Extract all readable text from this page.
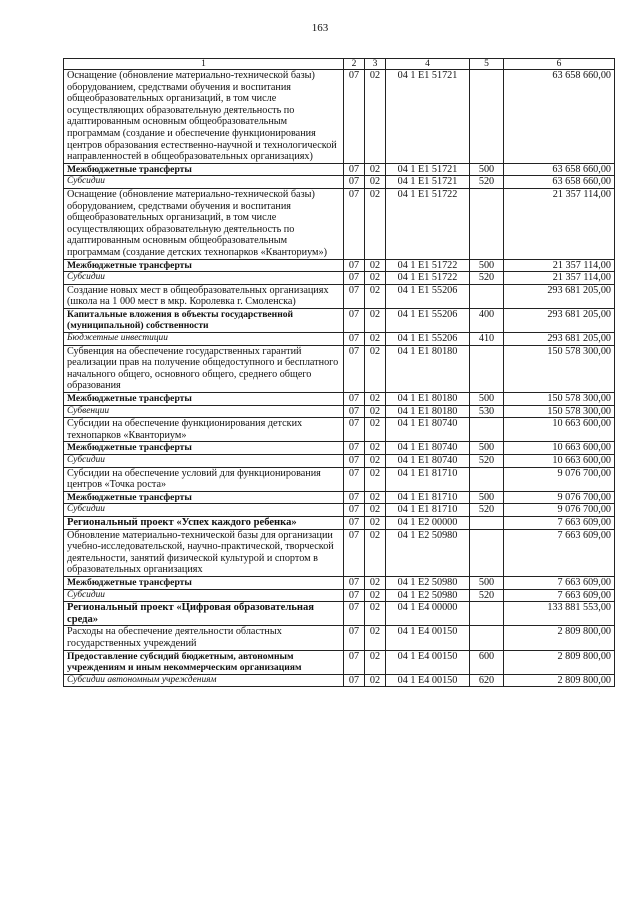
163
1	2	3	4	5	6
Оснащение (обновление материально-технической базы) оборудованием, средствами обучения и воспитания общеобразовательных организаций, в том числе осуществляющих образовательную деятельность по адаптированным основным общеобразовательным программам (создание и обеспечение функционирования центров образования естественно-научной и технологической направленностей в общеобразовательных организациях)	07	02	04 1 E1 51721		63 658 660,00
Межбюджетные трансферты	07	02	04 1 E1 51721	500	63 658 660,00
Субсидии	07	02	04 1 E1 51721	520	63 658 660,00
Оснащение (обновление материально-технической базы) оборудованием, средствами обучения и воспитания общеобразовательных организаций, в том числе осуществляющих образовательную деятельность по адаптированным основным общеобразовательным программам (создание детских технопарков «Кванториум»)	07	02	04 1 E1 51722		21 357 114,00
Межбюджетные трансферты	07	02	04 1 E1 51722	500	21 357 114,00
Субсидии	07	02	04 1 E1 51722	520	21 357 114,00
Создание новых мест в общеобразовательных организациях (школа на 1 000 мест в мкр. Королевка г. Смоленска)	07	02	04 1 E1 55206		293 681 205,00
Капитальные вложения в объекты государственной (муниципальной) собственности	07	02	04 1 E1 55206	400	293 681 205,00
Бюджетные инвестиции	07	02	04 1 E1 55206	410	293 681 205,00
Субвенция на обеспечение государственных гарантий реализации прав на получение общедоступного и бесплатного начального общего, основного общего, среднего общего образования	07	02	04 1 E1 80180		150 578 300,00
Межбюджетные трансферты	07	02	04 1 E1 80180	500	150 578 300,00
Субвенции	07	02	04 1 E1 80180	530	150 578 300,00
Субсидии на обеспечение функционирования детских технопарков «Кванториум»	07	02	04 1 E1 80740		10 663 600,00
Межбюджетные трансферты	07	02	04 1 E1 80740	500	10 663 600,00
Субсидии	07	02	04 1 E1 80740	520	10 663 600,00
Субсидии на обеспечение условий для функционирования центров «Точка роста»	07	02	04 1 E1 81710		9 076 700,00
Межбюджетные трансферты	07	02	04 1 E1 81710	500	9 076 700,00
Субсидии	07	02	04 1 E1 81710	520	9 076 700,00
Региональный проект «Успех каждого ребенка»	07	02	04 1 E2 00000		7 663 609,00
Обновление материально-технической базы для организации учебно-исследовательской, научно-практической, творческой деятельности, занятий физической культурой и спортом в образовательных организациях	07	02	04 1 E2 50980		7 663 609,00
Межбюджетные трансферты	07	02	04 1 E2 50980	500	7 663 609,00
Субсидии	07	02	04 1 E2 50980	520	7 663 609,00
Региональный проект «Цифровая образовательная среда»	07	02	04 1 E4 00000		133 881 553,00
Расходы на обеспечение деятельности областных государственных учреждений	07	02	04 1 E4 00150		2 809 800,00
Предоставление субсидий бюджетным, автономным учреждениям и иным некоммерческим организациям	07	02	04 1 E4 00150	600	2 809 800,00
Субсидии автономным учреждениям	07	02	04 1 E4 00150	620	2 809 800,00
